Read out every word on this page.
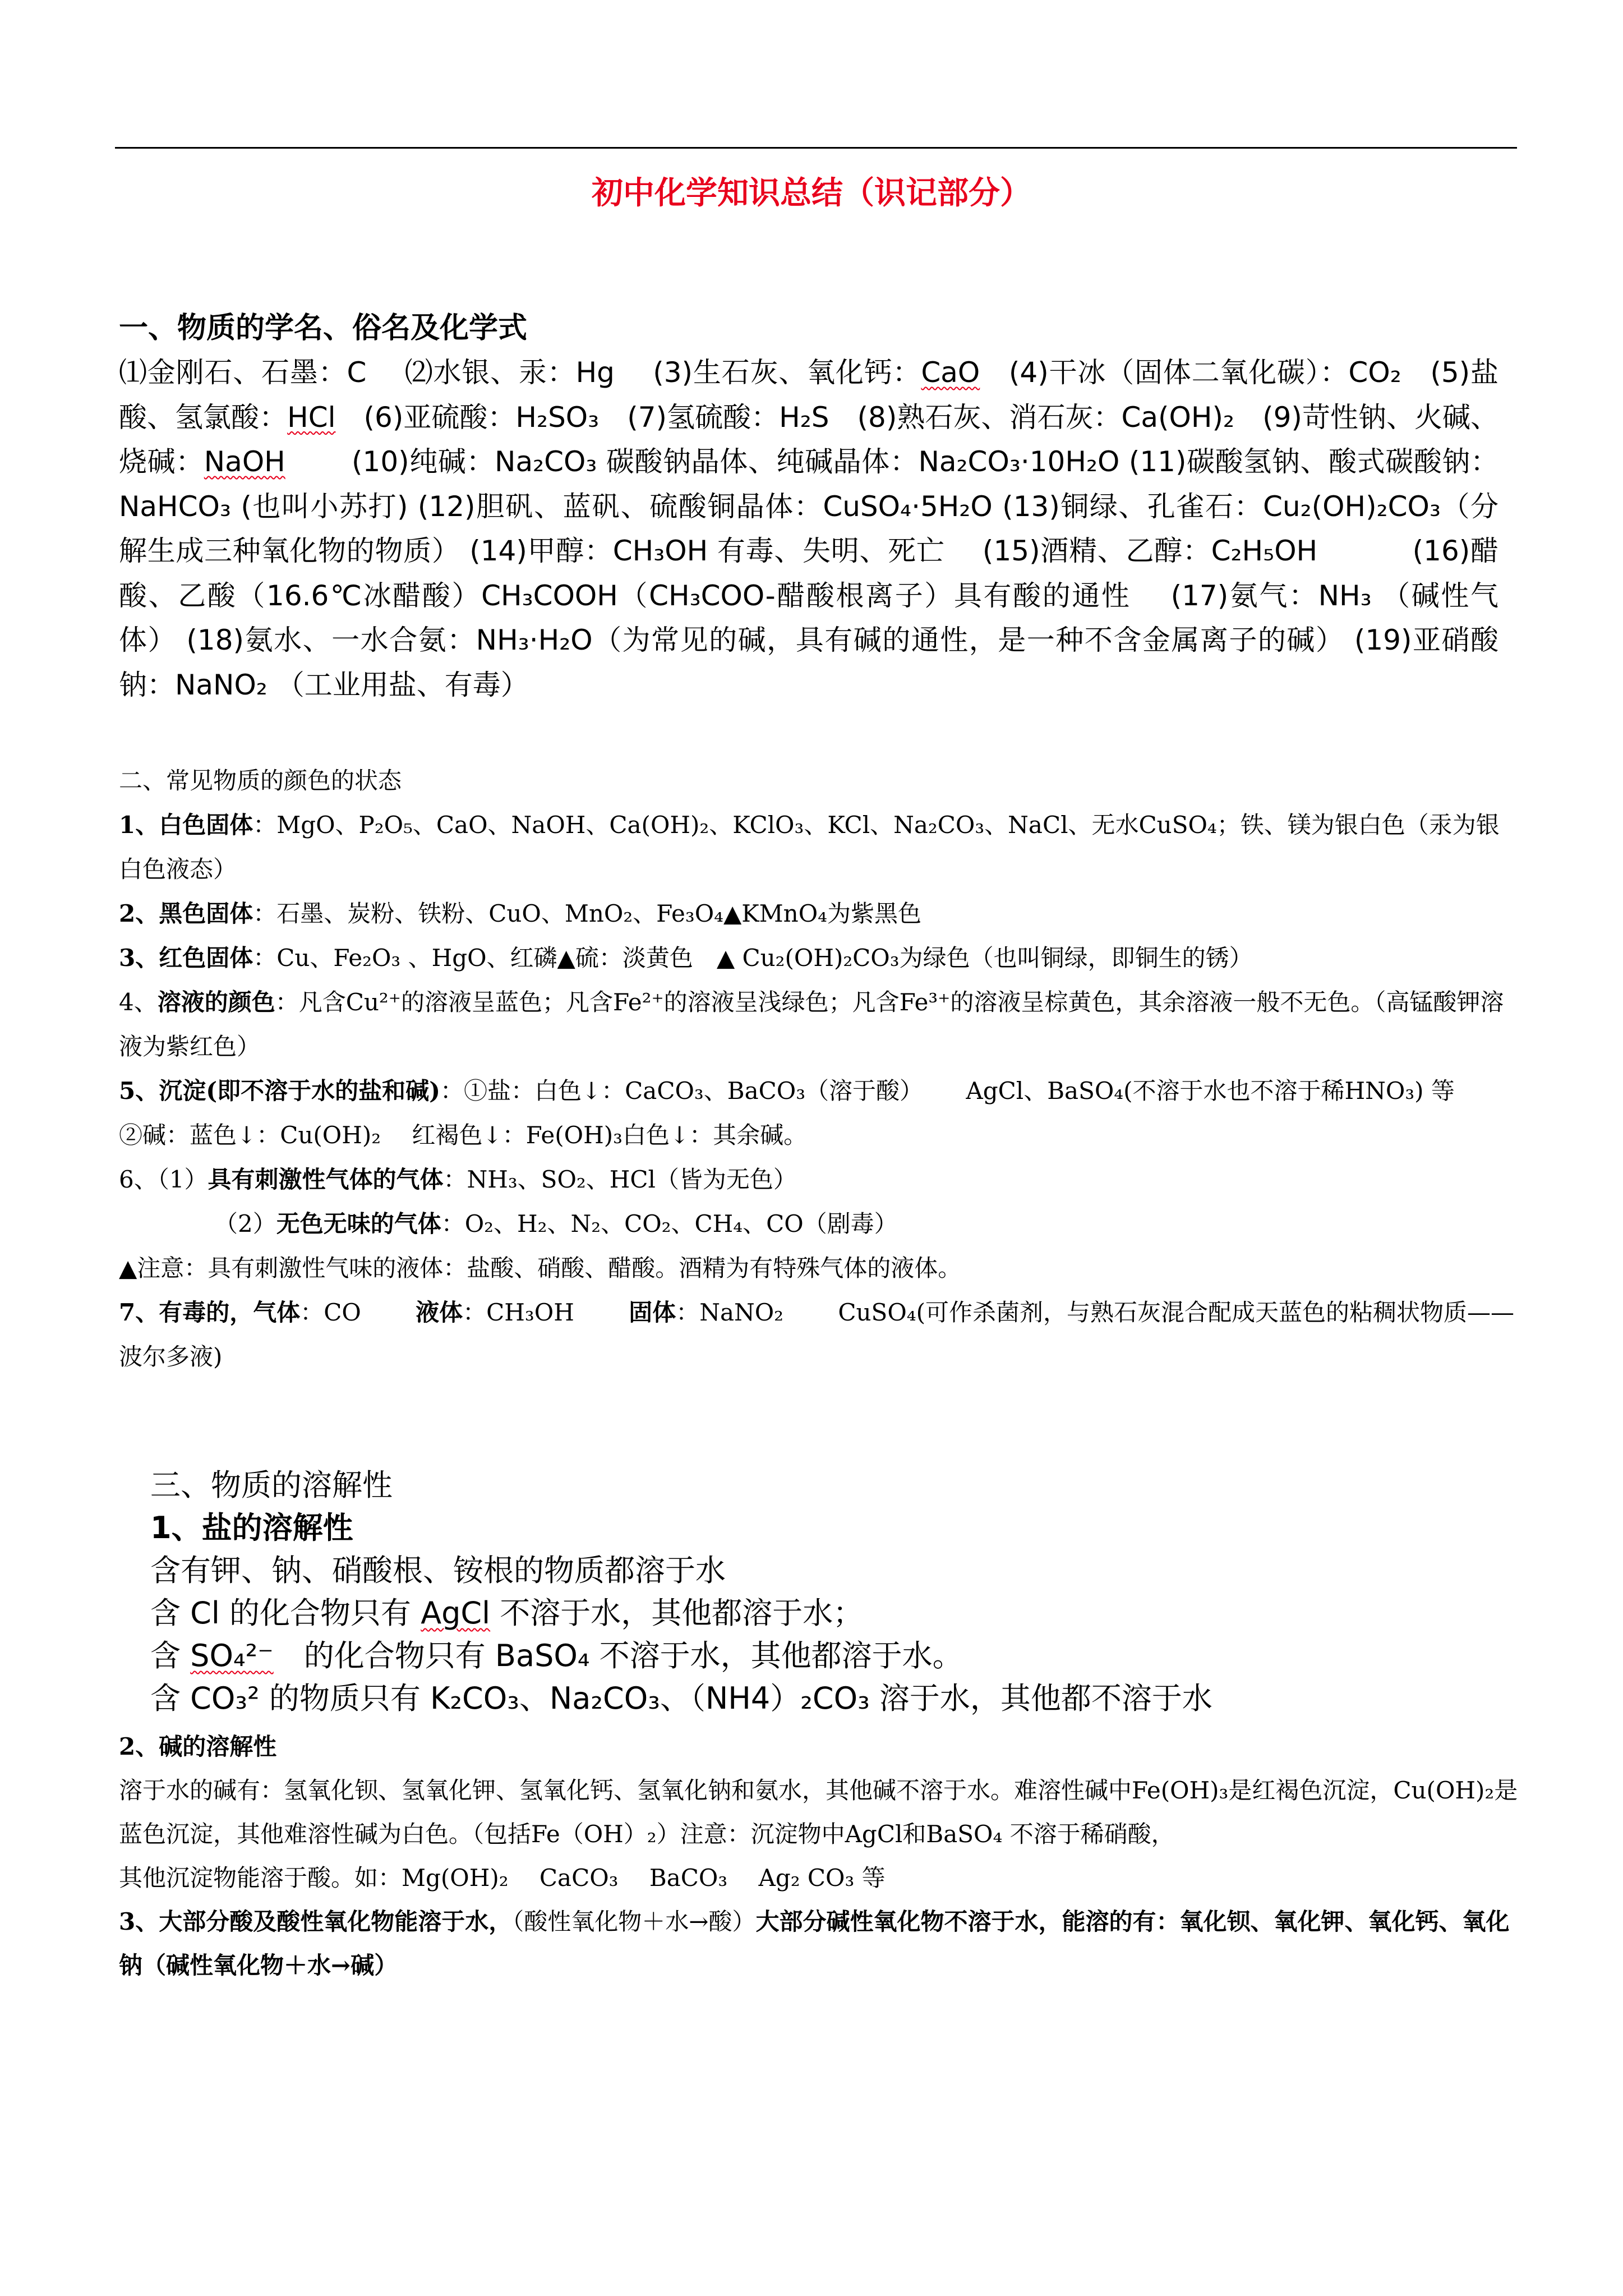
初中化学知识总结（识记部分）

一、物质的学名、俗名及化学式

⑴金刚石、石墨：C　 ⑵水银、汞：Hg　 (3)生石灰、氧化钙：CaO　(4)干冰（固体二氧化碳）：CO₂　(5)盐酸、氢氯酸：HCl　(6)亚硫酸：H₂SO₃　(7)氢硫酸：H₂S　(8)熟石灰、消石灰：Ca(OH)₂　(9)苛性钠、火碱、烧碱：NaOH　　 (10)纯碱：Na₂CO₃ 碳酸钠晶体、纯碱晶体：Na₂CO₃·10H₂O (11)碳酸氢钠、酸式碳酸钠：NaHCO₃ (也叫小苏打) (12)胆矾、蓝矾、硫酸铜晶体：CuSO₄·5H₂O (13)铜绿、孔雀石：Cu₂(OH)₂CO₃（分解生成三种氧化物的物质） (14)甲醇：CH₃OH 有毒、失明、死亡　 (15)酒精、乙醇：C₂H₅OH　　　 (16)醋酸、乙酸（16.6℃冰醋酸）CH₃COOH（CH₃COO-醋酸根离子）具有酸的通性　 (17)氨气：NH₃ （碱性气体） (18)氨水、一水合氨：NH₃·H₂O（为常见的碱，具有碱的通性，是一种不含金属离子的碱） (19)亚硝酸钠：NaNO₂ （工业用盐、有毒）

二、常见物质的颜色的状态

1、白色固体：MgO、P₂O₅、CaO、NaOH、Ca(OH)₂、KClO₃、KCl、Na₂CO₃、NaCl、无水CuSO₄；铁、镁为银白色（汞为银白色液态）

2、黑色固体：石墨、炭粉、铁粉、CuO、MnO₂、Fe₃O₄▲KMnO₄为紫黑色

3、红色固体：Cu、Fe₂O₃ 、HgO、红磷▲硫：淡黄色　▲ Cu₂(OH)₂CO₃为绿色（也叫铜绿，即铜生的锈）

4、溶液的颜色：凡含Cu²⁺的溶液呈蓝色；凡含Fe²⁺的溶液呈浅绿色；凡含Fe³⁺的溶液呈棕黄色，其余溶液一般不无色。（高锰酸钾溶液为紫红色）

5、沉淀(即不溶于水的盐和碱)：①盐：白色↓：CaCO₃、BaCO₃（溶于酸）　　 AgCl、BaSO₄(不溶于水也不溶于稀HNO₃) 等　　 ②碱：蓝色↓：Cu(OH)₂　 红褐色↓：Fe(OH)₃白色↓：其余碱。

6、（1）具有刺激性气体的气体：NH₃、SO₂、HCl（皆为无色）

（2）无色无味的气体：O₂、H₂、N₂、CO₂、CH₄、CO（剧毒）

▲注意：具有刺激性气味的液体：盐酸、硝酸、醋酸。酒精为有特殊气体的液体。

7、有毒的，气体：CO　　 液体：CH₃OH　　 固体：NaNO₂　　 CuSO₄(可作杀菌剂，与熟石灰混合配成天蓝色的粘稠状物质——波尔多液)

三、物质的溶解性

1、盐的溶解性

含有钾、钠、硝酸根、铵根的物质都溶于水

含 Cl 的化合物只有 AgCl 不溶于水，其他都溶于水；

含 SO₄²⁻　的化合物只有 BaSO₄ 不溶于水，其他都溶于水。

含 CO₃² 的物质只有 K₂CO₃、Na₂CO₃、（NH4）₂CO₃ 溶于水，其他都不溶于水

2、碱的溶解性

溶于水的碱有：氢氧化钡、氢氧化钾、氢氧化钙、氢氧化钠和氨水，其他碱不溶于水。难溶性碱中Fe(OH)₃是红褐色沉淀，Cu(OH)₂是蓝色沉淀，其他难溶性碱为白色。（包括Fe（OH）₂）注意：沉淀物中AgCl和BaSO₄ 不溶于稀硝酸，

其他沉淀物能溶于酸。如：Mg(OH)₂　 CaCO₃　 BaCO₃　 Ag₂ CO₃ 等

3、大部分酸及酸性氧化物能溶于水，（酸性氧化物＋水→酸）大部分碱性氧化物不溶于水，能溶的有：氧化钡、氧化钾、氧化钙、氧化钠（碱性氧化物＋水→碱）
